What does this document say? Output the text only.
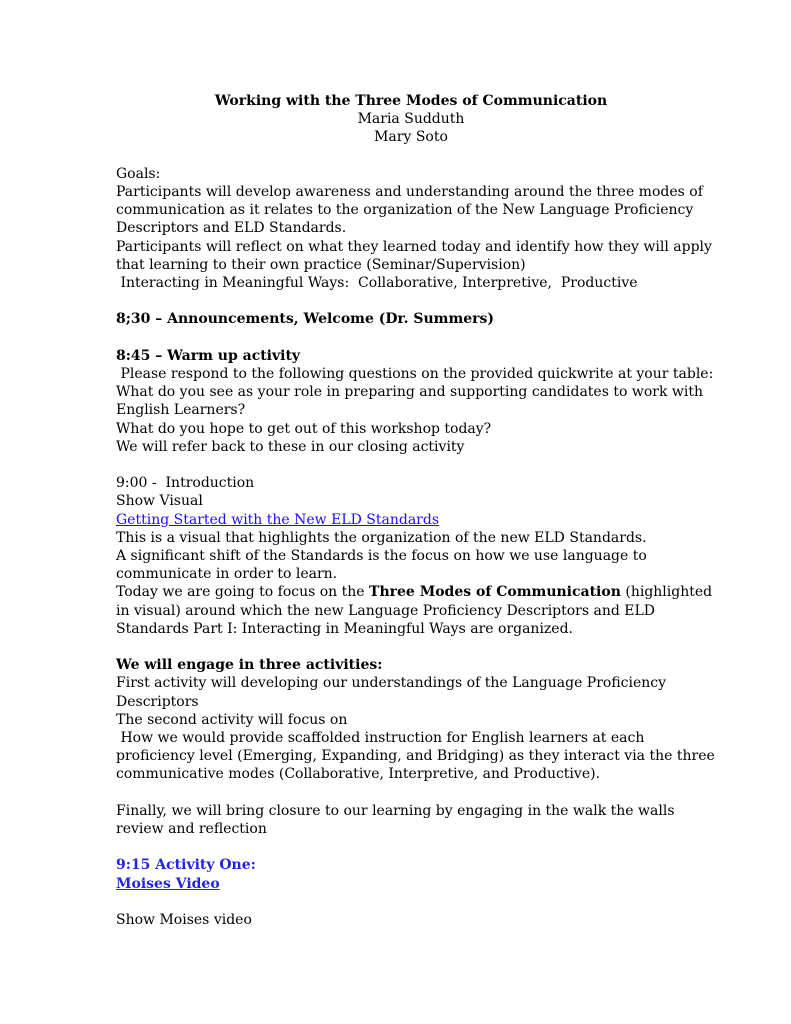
Working with the Three Modes of Communication
Maria Sudduth
Mary Soto
Goals:
Participants will develop awareness and understanding around the three modes of
communication as it relates to the organization of the New Language Proficiency
Descriptors and ELD Standards.
Participants will reflect on what they learned today and identify how they will apply
that learning to their own practice (Seminar/Supervision)
Interacting in Meaningful Ways:  Collaborative, Interpretive,  Productive
8;30 – Announcements, Welcome (Dr. Summers)
8:45 – Warm up activity
Please respond to the following questions on the provided quickwrite at your table:
What do you see as your role in preparing and supporting candidates to work with
English Learners?
What do you hope to get out of this workshop today?
We will refer back to these in our closing activity
9:00 -  Introduction
Show Visual
Getting Started with the New ELD Standards
This is a visual that highlights the organization of the new ELD Standards.
A significant shift of the Standards is the focus on how we use language to
communicate in order to learn.
Today we are going to focus on the Three Modes of Communication (highlighted
in visual) around which the new Language Proficiency Descriptors and ELD
Standards Part I: Interacting in Meaningful Ways are organized.
We will engage in three activities:
First activity will developing our understandings of the Language Proficiency
Descriptors
The second activity will focus on
How we would provide scaffolded instruction for English learners at each
proficiency level (Emerging, Expanding, and Bridging) as they interact via the three
communicative modes (Collaborative, Interpretive, and Productive).
Finally, we will bring closure to our learning by engaging in the walk the walls
review and reflection
9:15 Activity One:
Moises Video
Show Moises video
